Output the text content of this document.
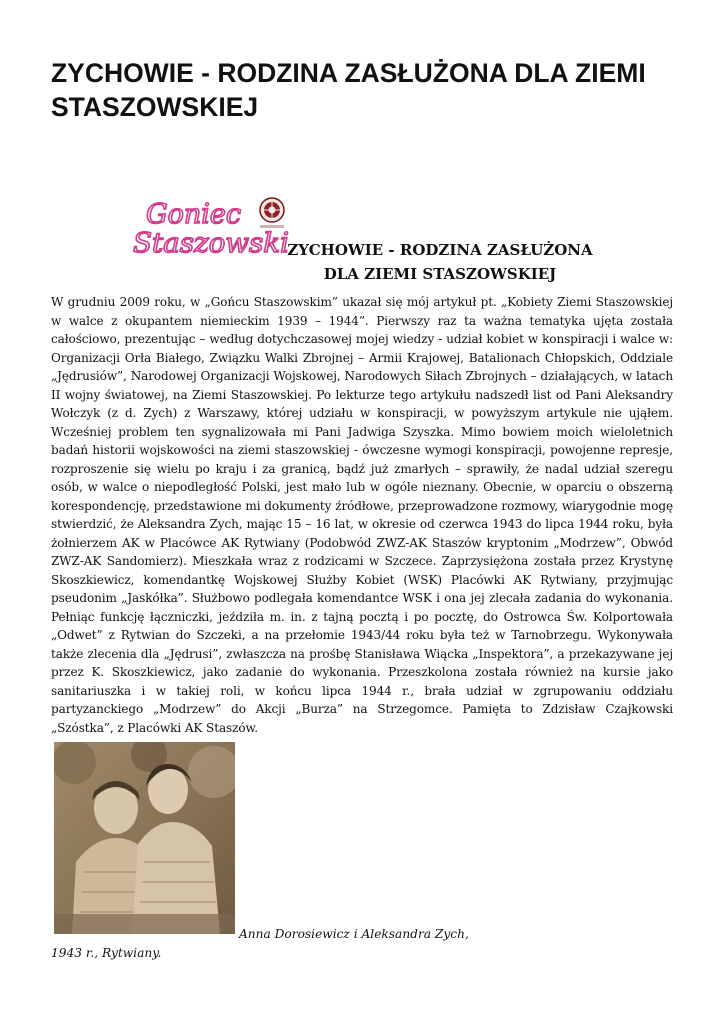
ZYCHOWIE - RODZINA ZASŁUŻONA DLA ZIEMI STASZOWSKIEJ
Goniec
Staszowski
ZYCHOWIE - RODZINA ZASŁUŻONA
DLA ZIEMI STASZOWSKIEJ

W grudniu 2009 roku, w „Gońcu Staszowskim” ukazał się mój artykuł pt. „Kobiety Ziemi Staszowskiej w walce z okupantem niemieckim 1939 – 1944”. Pierwszy raz ta ważna tematyka ujęta została całościowo, prezentując – według dotychczasowej mojej wiedzy - udział kobiet w konspiracji i walce w: Organizacji Orła Białego, Związku Walki Zbrojnej – Armii Krajowej, Batalionach Chłopskich, Oddziale „Jędrusiów”, Narodowej Organizacji Wojskowej, Narodowych Siłach Zbrojnych – działających, w latach II wojny światowej, na Ziemi Staszowskiej. Po lekturze tego artykułu nadszedł list od Pani Aleksandry Wołczyk (z d. Zych) z Warszawy, której udziału w konspiracji, w powyższym artykule nie ująłem. Wcześniej problem ten sygnalizowała mi Pani Jadwiga Szyszka. Mimo bowiem moich wieloletnich badań historii wojskowości na ziemi staszowskiej - ówczesne wymogi konspiracji, powojenne represje, rozproszenie się wielu po kraju i za granicą, bądź już zmarłych – sprawiły, że nadal udział szeregu osób, w walce o niepodległość Polski, jest mało lub w ogóle nieznany. Obecnie, w oparciu o obszerną korespondencję, przedstawione mi dokumenty źródłowe, przeprowadzone rozmowy, wiarygodnie mogę stwierdzić, że Aleksandra Zych, mając 15 – 16 lat, w okresie od czerwca 1943 do lipca 1944 roku, była żołnierzem AK w Placówce AK Rytwiany (Podobwód ZWZ-AK Staszów kryptonim „Modrzew”, Obwód ZWZ-AK Sandomierz). Mieszkała wraz z rodzicami w Szczece. Zaprzysiężona została przez Krystynę Skoszkiewicz, komendantkę Wojskowej Służby Kobiet (WSK) Placówki AK Rytwiany, przyjmując pseudonim „Jaskółka”. Służbowo podlegała komendantce WSK i ona jej zlecała zadania do wykonania. Pełniąc funkcję łączniczki, jeździła m. in. z tajną pocztą i po pocztę, do Ostrowca Św. Kolportowała „Odwet” z Rytwian do Szczeki, a na przełomie 1943/44 roku była też w Tarnobrzegu. Wykonywała także zlecenia dla „Jędrusi”, zwłaszcza na prośbę Stanisława Wiącka „Inspektora”, a przekazywane jej przez K. Skoszkiewicz, jako zadanie do wykonania. Przeszkolona została również na kursie jako sanitariuszka i w takiej roli, w końcu lipca 1944 r., brała udział w zgrupowaniu oddziału partyzanckiego „Modrzew” do Akcji „Burza” na Strzegomce. Pamięta to Zdzisław Czajkowski „Szóstka”, z Placówki AK Staszów.

Anna Dorosiewicz i Aleksandra Zych,
1943 r., Rytwiany.
